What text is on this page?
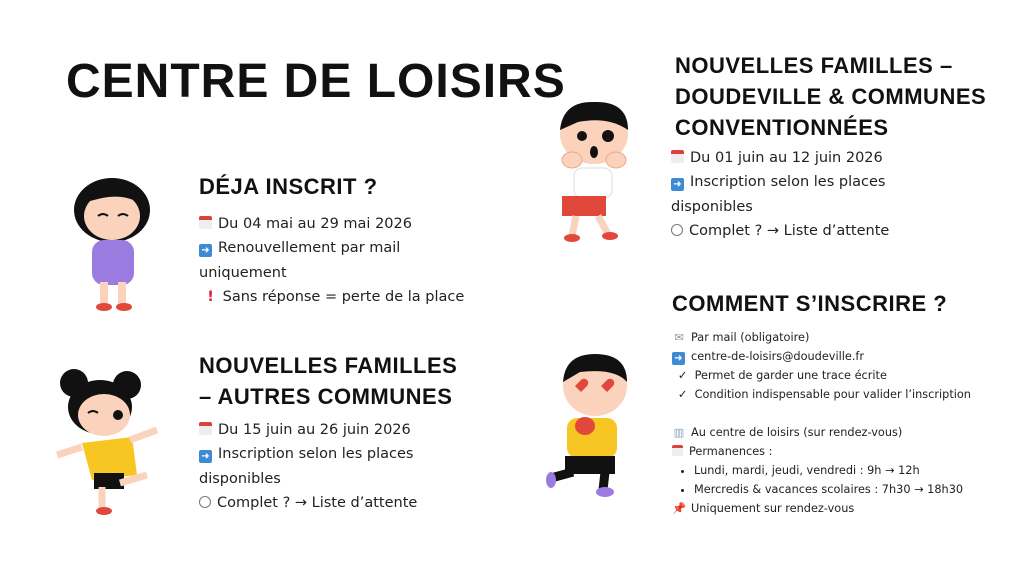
CENTRE DE LOISIRS
DÉJA INSCRIT ?
Du 04 mai au 29 mai 2026
➜ Renouvellement par mail
uniquement
! Sans réponse = perte de la place
NOUVELLES FAMILLES
– AUTRES COMMUNES
Du 15 juin au 26 juin 2026
➜ Inscription selon les places
disponibles
Complet ? → Liste d’attente
NOUVELLES FAMILLES –
DOUDEVILLE & COMMUNES
CONVENTIONNÉES
Du 01 juin au 12 juin 2026
➜ Inscription selon les places
disponibles
Complet ? → Liste d’attente
COMMENT S’INSCRIRE ?
✉ Par mail (obligatoire)
➜ centre-de-loisirs@doudeville.fr
✓ Permet de garder une trace écrite
✓ Condition indispensable pour valider l’inscription

▥ Au centre de loisirs (sur rendez-vous)
Permanences :
• Lundi, mardi, jeudi, vendredi : 9h → 12h
• Mercredis & vacances scolaires : 7h30 → 18h30
📌 Uniquement sur rendez-vous
